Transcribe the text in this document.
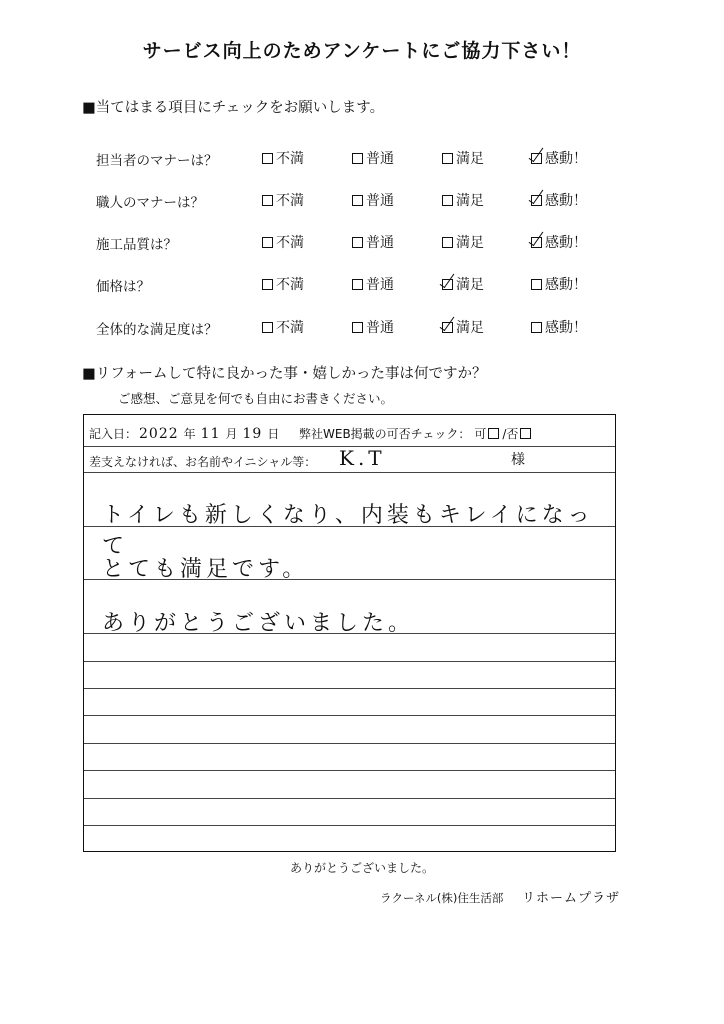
サービス向上のためアンケートにご協力下さい！
■当てはまる項目にチェックをお願いします。
担当者のマナーは？	不満	普通	満足	感動！
職人のマナーは？	不満	普通	満足	感動！
施工品質は？	不満	普通	満足	感動！
価格は？	不満	普通	満足	感動！
全体的な満足度は？	不満	普通	満足	感動！
■リフォームして特に良かった事・嬉しかった事は何ですか？
ご感想、ご意見を何でも自由にお書きください。
記入日： 2022 年 11 月 19 日 弊社WEB掲載の可否チェック： 可 / 否
差支えなければ、お名前やイニシャル等： K.T	様
トイレも新しくなり、内装もキレイになって
とても満足です。
ありがとうございました。
ありがとうございました。
ラクーネル(株)住生活部 リホームプラザ
